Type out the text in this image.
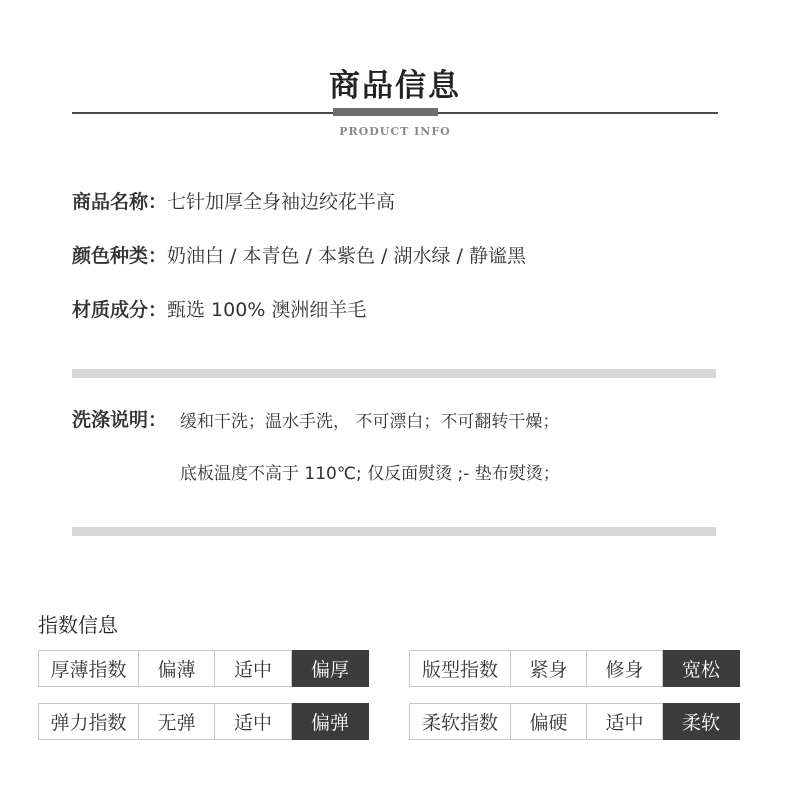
商品信息
PRODUCT INFO
商品名称：七针加厚全身袖边绞花半高
颜色种类：奶油白 / 本青色 / 本紫色 / 湖水绿 / 静谧黑
材质成分：甄选 100% 澳洲细羊毛
洗涤说明： 缓和干洗；温水手洗， 不可漂白；不可翻转干燥；
底板温度不高于 110℃; 仅反面熨烫 ;- 垫布熨烫；
指数信息
厚薄指数	偏薄	适中	偏厚	版型指数	紧身	修身	宽松
弹力指数	无弹	适中	偏弹	柔软指数	偏硬	适中	柔软
